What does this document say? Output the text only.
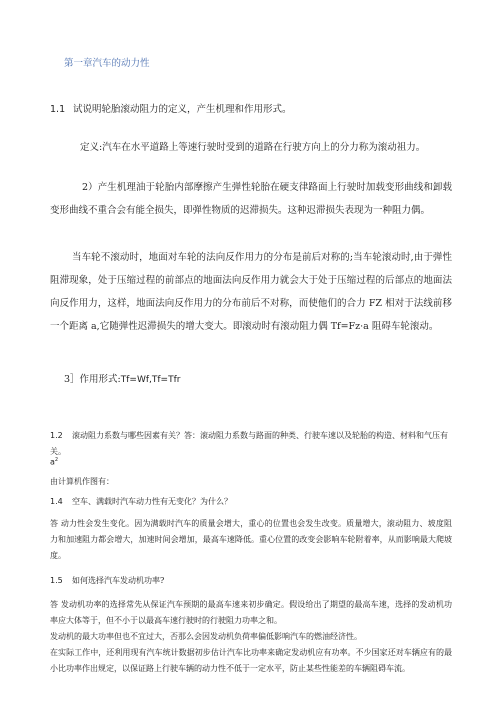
第一章汽车的动力性
1.1 试说明轮胎滚动阻力的定义，产生机理和作用形式。

定义:汽车在水平道路上等速行驶时受到的道路在行驶方向上的分力称为滚动祖力。

2）产生机理油于轮胎内部摩擦产生弹性轮胎在硬支律路面上行驶时加载变形曲线和卸载变形曲线不重合会有能全损失，即弹性物质的迟滞损失。这种迟滞损失表现为一种阻力偶。

当车轮不滚动时，地面对车轮的法向反作用力的分布是前后对称的;当车轮滚动时,由于弹性阻滞现象，处于压缩过程的前部点的地面法向反作用力就会大于处于压缩过程的后部点的地面法向反作用力，这样，地面法向反作用力的分布前后不对称，而使他们的合力 FZ 相对于法线前移一个距离 a,它随弹性迟滞损失的增大变大。即滚动时有滚动阻力偶 Tf=Fz·a 阻碍车轮滚动。

3］作用形式:Tf=Wf,Tf=Tfr
1.2 滚动阻力系数与哪些因素有关？答：滚动阻力系数与路面的种类、行驶车速以及轮胎的构造、材料和气压有关。
$a^2$
由计算机作图有：
1.4 空车、满载时汽车动力性有无变化？为什么？
答 动力性会发生变化。因为满载时汽车的质量会增大，重心的位置也会发生改变。质量增大，滚动阻力、坡度阻力和加速阻力都会增大，加速时间会增加，最高车速降低。重心位置的改变会影响车轮附着率，从而影响最大爬坡度。
1.5 如何选择汽车发动机功率?
答 发动机功率的选择常先从保证汽车预期的最高车速来初步确定。假设给出了期望的最高车速，选择的发动机功率应大体等于，但不小于以最高车速行驶时的行驶阻力功率之和。
发动机的最大功率但也不宜过大，否那么会因发动机负荷率偏低影响汽车的燃油经济性。
在实际工作中，还利用现有汽车统计数据初步估计汽车比功率来确定发动机应有功率。不少国家还对车辆应有的最小比功率作出规定，以保证路上行驶车辆的动力性不低于一定水平，防止某些性能差的车辆阻碍车流。
